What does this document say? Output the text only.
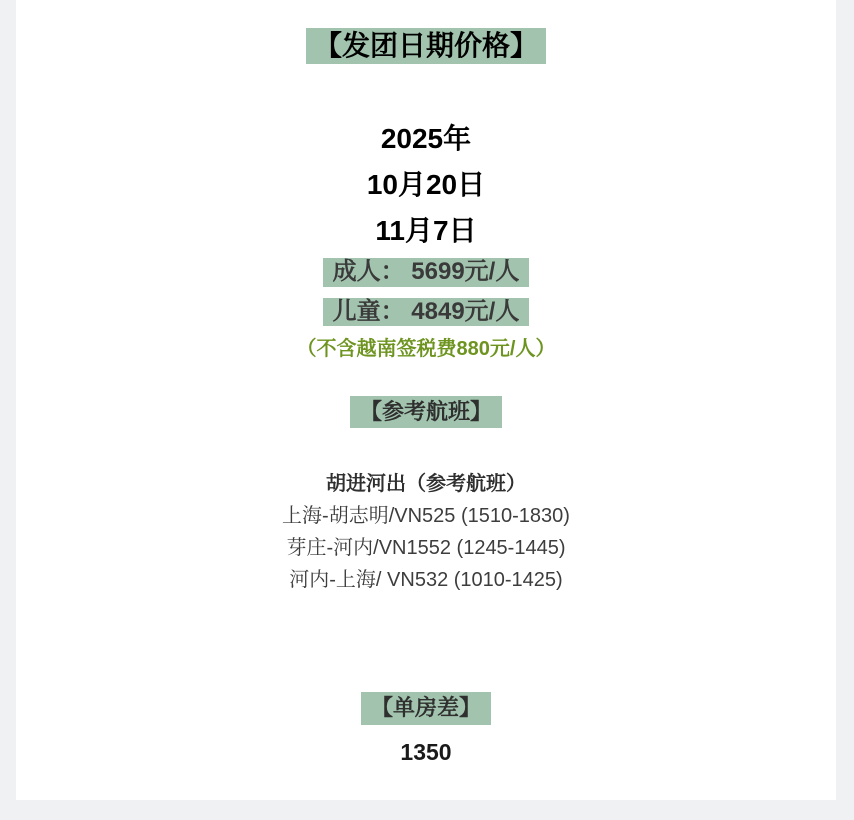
【发团日期价格】
2025年
10月20日
11月7日
成人： 5699元/人
儿童： 4849元/人
（不含越南签税费880元/人）
【参考航班】
胡进河出（参考航班）
上海-胡志明/VN525 (1510-1830)
芽庄-河内/VN1552 (1245-1445)
河内-上海/ VN532 (1010-1425)
【单房差】
1350
